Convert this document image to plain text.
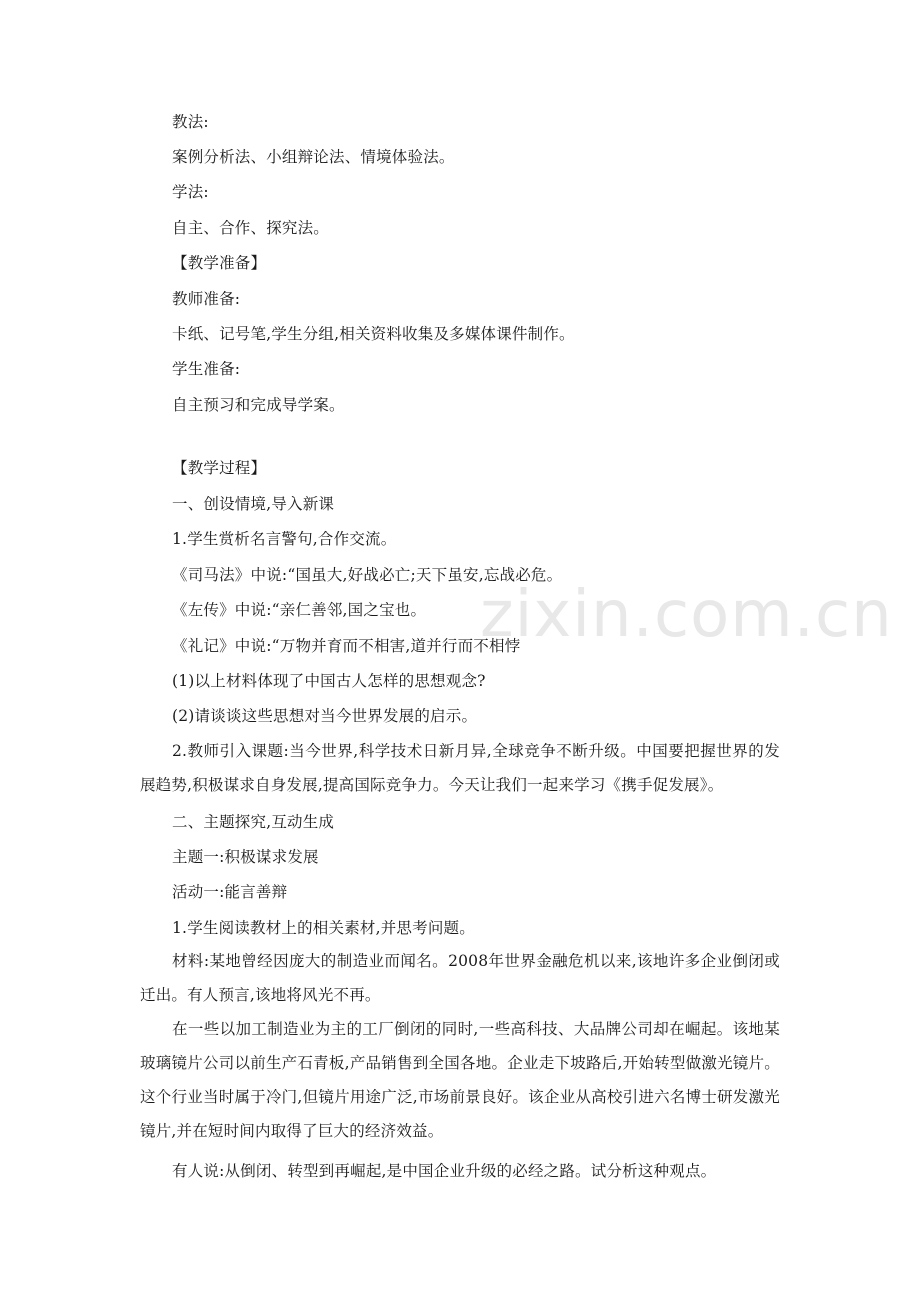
zixin.com.cn
教法:
案例分析法、小组辩论法、情境体验法。
学法:
自主、合作、探究法。
【教学准备】
教师准备:
卡纸、记号笔,学生分组,相关资料收集及多媒体课件制作。
学生准备:
自主预习和完成导学案。
【教学过程】
一、创设情境,导入新课
1.学生赏析名言警句,合作交流。
《司马法》中说:“国虽大,好战必亡;天下虽安,忘战必危。
《左传》中说:“亲仁善邻,国之宝也。
《礼记》中说:“万物并育而不相害,道并行而不相悖
(1)以上材料体现了中国古人怎样的思想观念?
(2)请谈谈这些思想对当今世界发展的启示。
2.教师引入课题:当今世界,科学技术日新月异,全球竞争不断升级。中国要把握世界的发展趋势,积极谋求自身发展,提高国际竞争力。今天让我们一起来学习《携手促发展》。
二、主题探究,互动生成
主题一:积极谋求发展
活动一:能言善辩
1.学生阅读教材上的相关素材,并思考问题。
材料:某地曾经因庞大的制造业而闻名。2008年世界金融危机以来,该地许多企业倒闭或迁出。有人预言,该地将风光不再。
在一些以加工制造业为主的工厂倒闭的同时,一些高科技、大品牌公司却在崛起。该地某玻璃镜片公司以前生产石青板,产品销售到全国各地。企业走下坡路后,开始转型做激光镜片。这个行业当时属于冷门,但镜片用途广泛,市场前景良好。该企业从高校引进六名博士研发激光镜片,并在短时间内取得了巨大的经济效益。
有人说:从倒闭、转型到再崛起,是中国企业升级的必经之路。试分析这种观点。
